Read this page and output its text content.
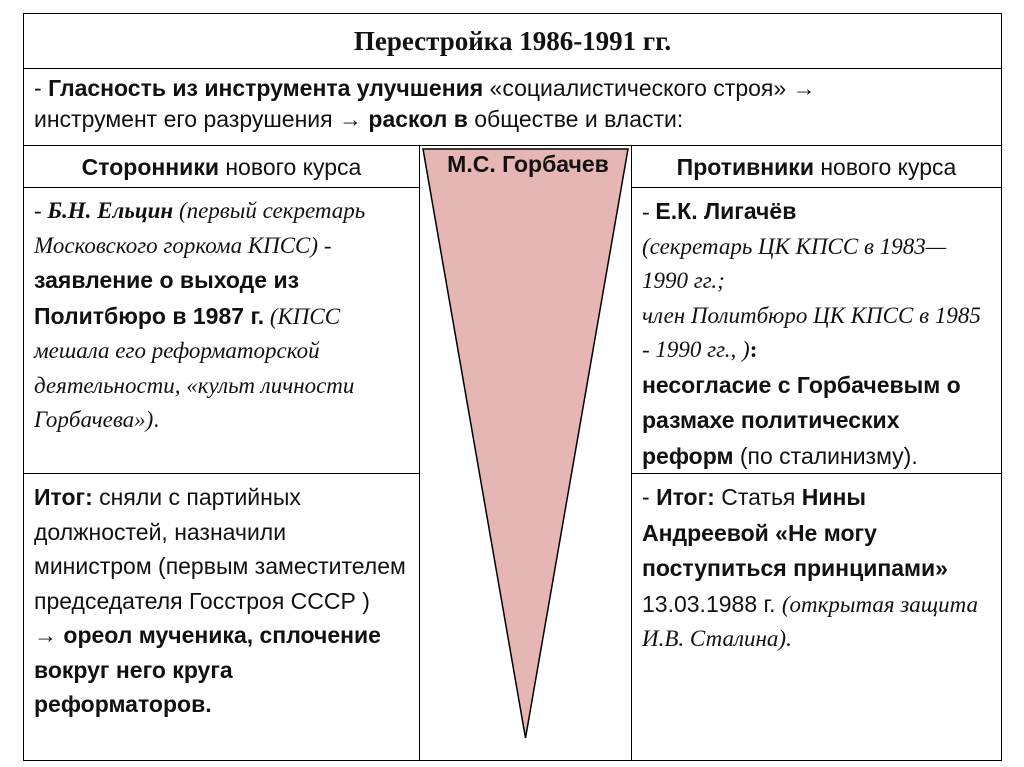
Перестройка 1986-1991 гг.
- Гласность из инструмента улучшения «социалистического строя» →
инструмент его разрушения → раскол в обществе и власти:
Сторонники нового курса	Противники нового курса
- Б.Н. Ельцин (первый секретарь Московского горкома КПСС) - заявление о выходе из Политбюро в 1987 г. (КПСС мешала его реформаторской деятельности, «культ личности Горбачева»).
Итог: сняли с партийных должностей, назначили министром (первым заместителем председателя Госстроя СССР )
→ ореол мученика, сплочение вокруг него круга реформаторов.
- Е.К. Лигачёв
(секретарь ЦК КПСС в 1983—1990 гг.;
член Политбюро ЦК КПСС в 1985 - 1990 гг., ):
несогласие с Горбачевым о размахе политических реформ (по сталинизму).
- Итог: Статья Нины Андреевой «Не могу поступиться принципами» 13.03.1988 г. (открытая защита И.В. Сталина).
М.С. Горбачев
